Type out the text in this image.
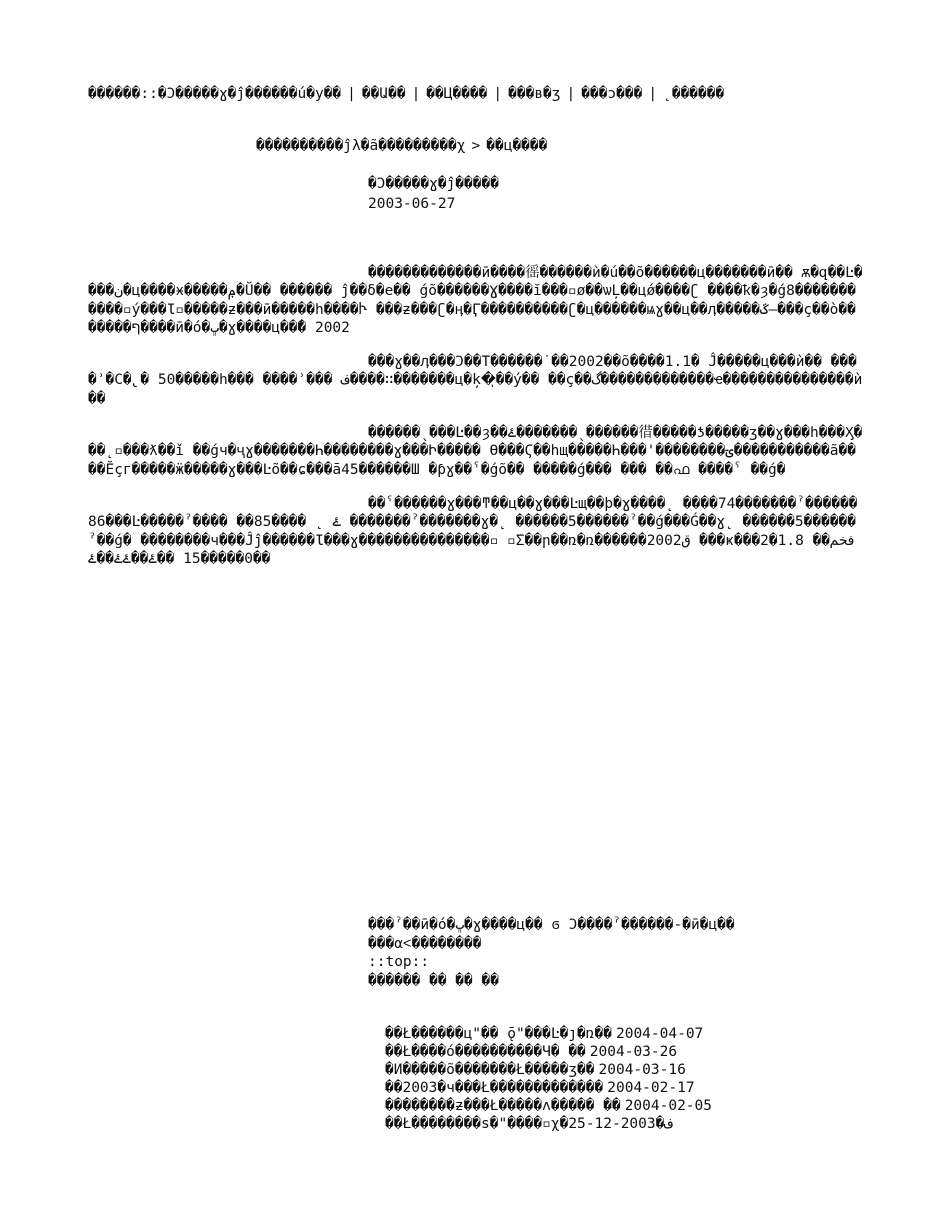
������::�Ɔ�����ɣ�ĵ������ú�у�� | ��Ա�� | ��Ц���� | ���в�ʒ | ���ɔ��� | ˛������
����������ĵλ�ã���������χ > ��ц����
�Ɔ�����ɣ�ĵ�����
2003-06-27

�������������ӣ����徭������ѝ�ú��õ������ц�������ӣ�� ѫ�զ��Ŀ����ن�ц����ӿ�����ݦ�Ŭ�� ������ ĵ��δ�e�� ǵõ������Ɣ����ĭ���▫ø��ѡĻ��цǿ����ʗ ����ҟ�ȝ�ǵ8�����������▫ý���Ɩ▫�����ƶ���ӣ�����һ����Ⴡ ���ƶ���ʗ�ӊ�Ӷ����������ʗ�ц������ѩɣ��ц��ӆ�����ػ—���ç��ò�������ף����ӣ�ó�ڀ�ɣ����ц��̃� 2002

���ɣ��ӆ���Ͻ��Τ������˙��2002��õ����1.1� Ĵ�����ц���ѝ�� ����ʾ�Ϲ�̢� 50�����һ��� ����ʾ��� ف����∷�������ц�ķ�ͅ��ý�� ��ç��گ�������������ҽ���������������ѝ��

������ˎ���Ŀ��ȝ��ۓ�������ˎ������徣�����ƾ�����ʒ��ɣ���һ���Ӽ���˛▫���ƛ��ǐ ��ǵч�ҷɣ�������Һ��������ɣ���Ի����� ϴ���Ϛ��һщ�����Һ���'��������ؾ�����������ã����Ӗçг�����ӝ�����ɣ���Ŀõ��ɕ���ā45������Ш �ƥɣ��ˁ�ǵõ�� �����ǵ��� ��� ��ഫ ����ˁ ��ǵ�

��ˁ������ɣ���ͳ��ц��ɣ���Ŀщ��þ�ɣ����˛ ����74�������ˀ������86���Ŀ�����ˀ���� ��ۓ ˛ ����85 �������ˀ�������ɣ�˛ ������5������ˀ��ǵ���Ǵ��ɣ˛ ������5������ˀ��ǵ� ��������ч���Ĵĵ������Ɩ���ɣ���������������▫ ▫Σ��ր��ռ�ռ������2002ق ���ҝ���فخم�� 1.8�20�����15 ��ۓ��ۓۓ��ۓ��

���ˀ��ӣ�ó�ڀ�ɣ����ц�� ϭ Ɔ����ˀ������-�ӣ�ц��
���α˂��������
::top::
������ �� �� ��
��Ł������ц"�� ǭ"���Ŀ�ȷ�ռ�� 2004-04-07
��Ł����ó����������Ч� �� 2004-03-26
�Ͷ�����õ�������Ł�����ʒ�� 2004-03-16
��2003�ч���Ł�����������ؘ�� 2004-02-17
��������ƶ���Ł�����ʌ����� �� 2004-02-05
��Ł��������ѕ�"����▫χ�25-12-2003�ف
